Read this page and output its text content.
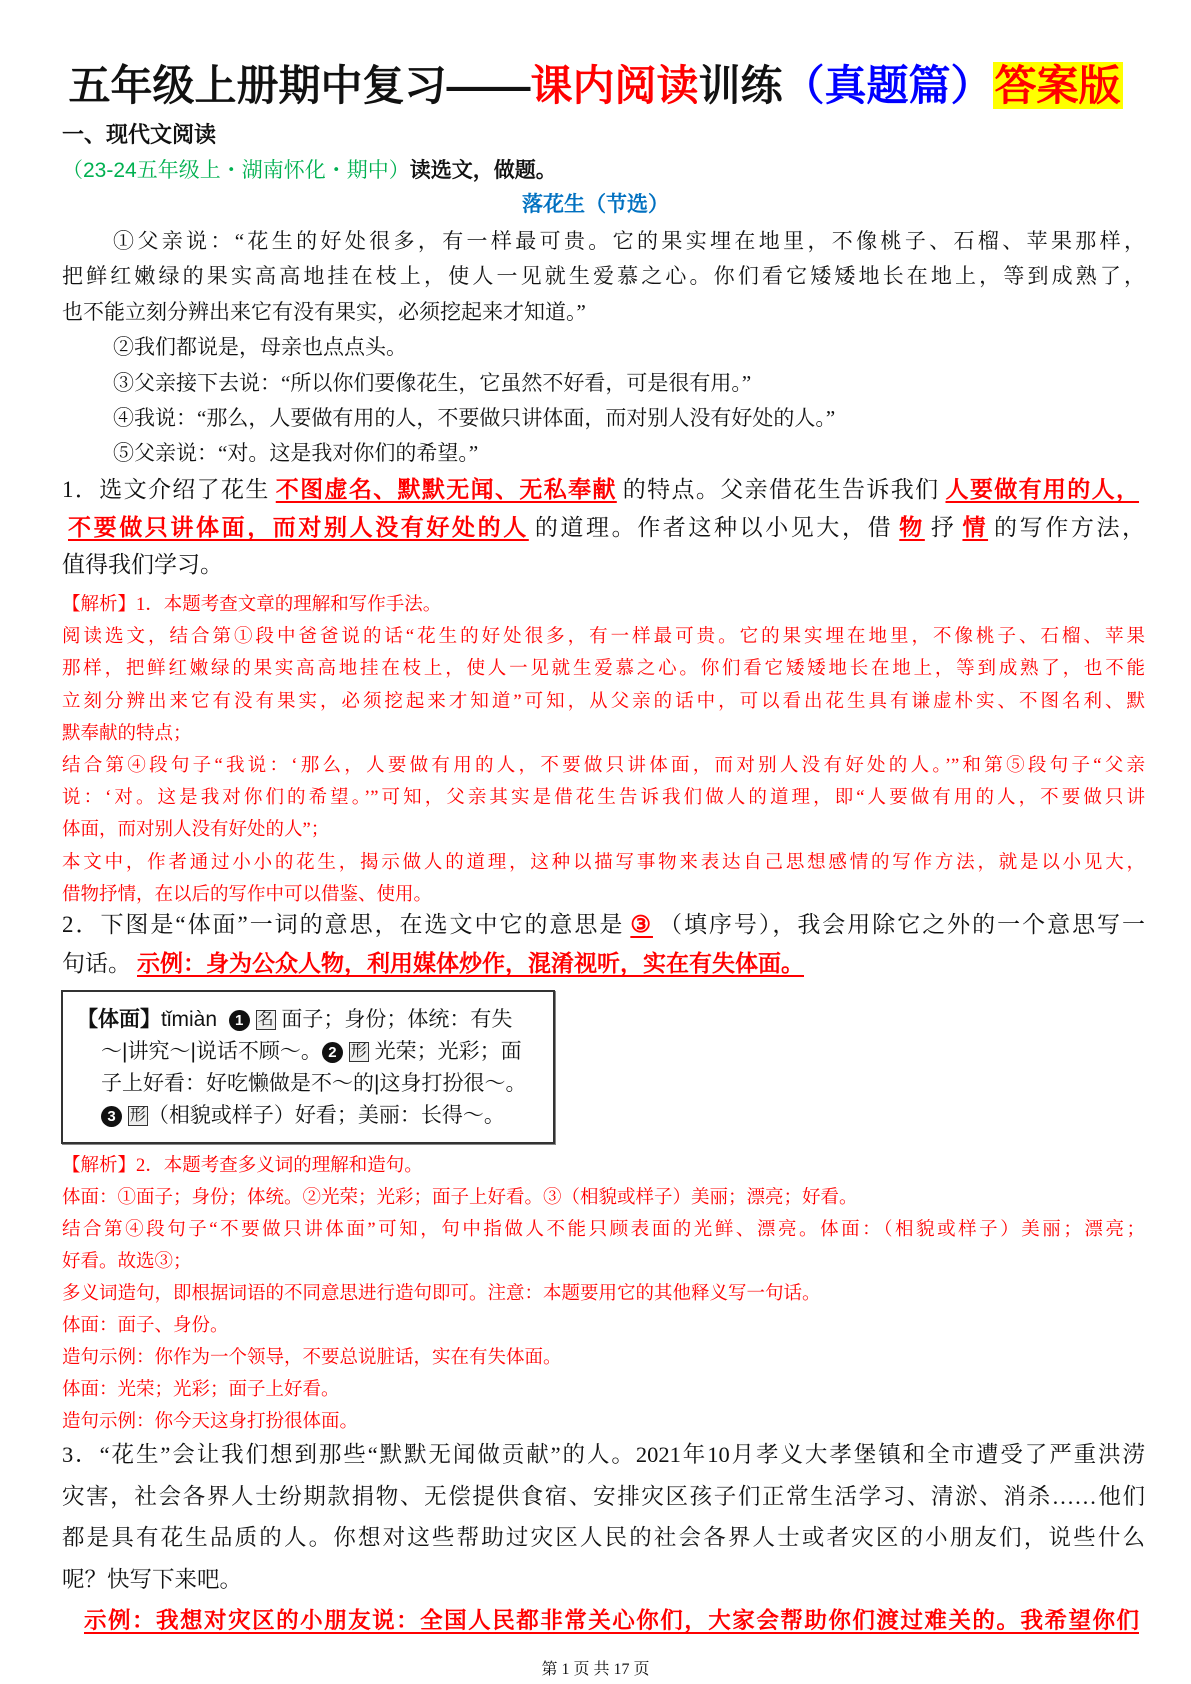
五年级上册期中复习——课内阅读训练（真题篇）答案版
一、现代文阅读
（23-24五年级上・湖南怀化・期中）读选文，做题。
落花生（节选）
①父亲说：“花生的好处很多，有一样最可贵。它的果实埋在地里，不像桃子、石榴、苹果那样，
把鲜红嫩绿的果实高高地挂在枝上，使人一见就生爱慕之心。你们看它矮矮地长在地上，等到成熟了，
也不能立刻分辨出来它有没有果实，必须挖起来才知道。”
②我们都说是，母亲也点点头。
③父亲接下去说：“所以你们要像花生，它虽然不好看，可是很有用。”
④我说：“那么，人要做有用的人，不要做只讲体面，而对别人没有好处的人。”
⑤父亲说：“对。这是我对你们的希望。”
1．选文介绍了花生 不图虚名、默默无闻、无私奉献 的特点。父亲借花生告诉我们 人要做有用的人，
不要做只讲体面，而对别人没有好处的人 的道理。作者这种以小见大，借 物 抒 情 的写作方法，
值得我们学习。
【解析】1．本题考查文章的理解和写作手法。
阅读选文，结合第①段中爸爸说的话“花生的好处很多，有一样最可贵。它的果实埋在地里，不像桃子、石榴、苹果
那样，把鲜红嫩绿的果实高高地挂在枝上，使人一见就生爱慕之心。你们看它矮矮地长在地上，等到成熟了，也不能
立刻分辨出来它有没有果实，必须挖起来才知道”可知，从父亲的话中，可以看出花生具有谦虚朴实、不图名利、默
默奉献的特点；
结合第④段句子“我说：‘那么，人要做有用的人，不要做只讲体面，而对别人没有好处的人。’”和第⑤段句子“父亲
说：‘对。这是我对你们的希望。’”可知，父亲其实是借花生告诉我们做人的道理，即“人要做有用的人，不要做只讲
体面，而对别人没有好处的人”；
本文中，作者通过小小的花生，揭示做人的道理，这种以描写事物来表达自己思想感情的写作方法，就是以小见大，
借物抒情，在以后的写作中可以借鉴、使用。
2．下图是“体面”一词的意思，在选文中它的意思是 ③ （填序号），我会用除它之外的一个意思写一
句话。 示例：身为公众人物，利用媒体炒作，混淆视听，实在有失体面。
【体面】tǐmiàn 1 名 面子；身份；体统：有失
～|讲究～|说话不顾～。 2 形 光荣；光彩；面
子上好看：好吃懒做是不～的|这身打扮很～。
3 形（相貌或样子）好看；美丽：长得～。
【解析】2．本题考查多义词的理解和造句。
体面：①面子；身份；体统。②光荣；光彩；面子上好看。③（相貌或样子）美丽；漂亮；好看。
结合第④段句子“不要做只讲体面”可知，句中指做人不能只顾表面的光鲜、漂亮。体面：（相貌或样子）美丽；漂亮；
好看。故选③；
多义词造句，即根据词语的不同意思进行造句即可。注意：本题要用它的其他释义写一句话。
体面：面子、身份。
造句示例：你作为一个领导，不要总说脏话，实在有失体面。
体面：光荣；光彩；面子上好看。
造句示例：你今天这身打扮很体面。
3．“花生”会让我们想到那些“默默无闻做贡献”的人。2021年10月孝义大孝堡镇和全市遭受了严重洪涝
灾害，社会各界人士纷期款捐物、无偿提供食宿、安排灾区孩子们正常生活学习、清淤、消杀……他们
都是具有花生品质的人。你想对这些帮助过灾区人民的社会各界人士或者灾区的小朋友们，说些什么
呢？快写下来吧。
示例：我想对灾区的小朋友说：全国人民都非常关心你们，大家会帮助你们渡过难关的。我希望你们
第 1 页 共 17 页
